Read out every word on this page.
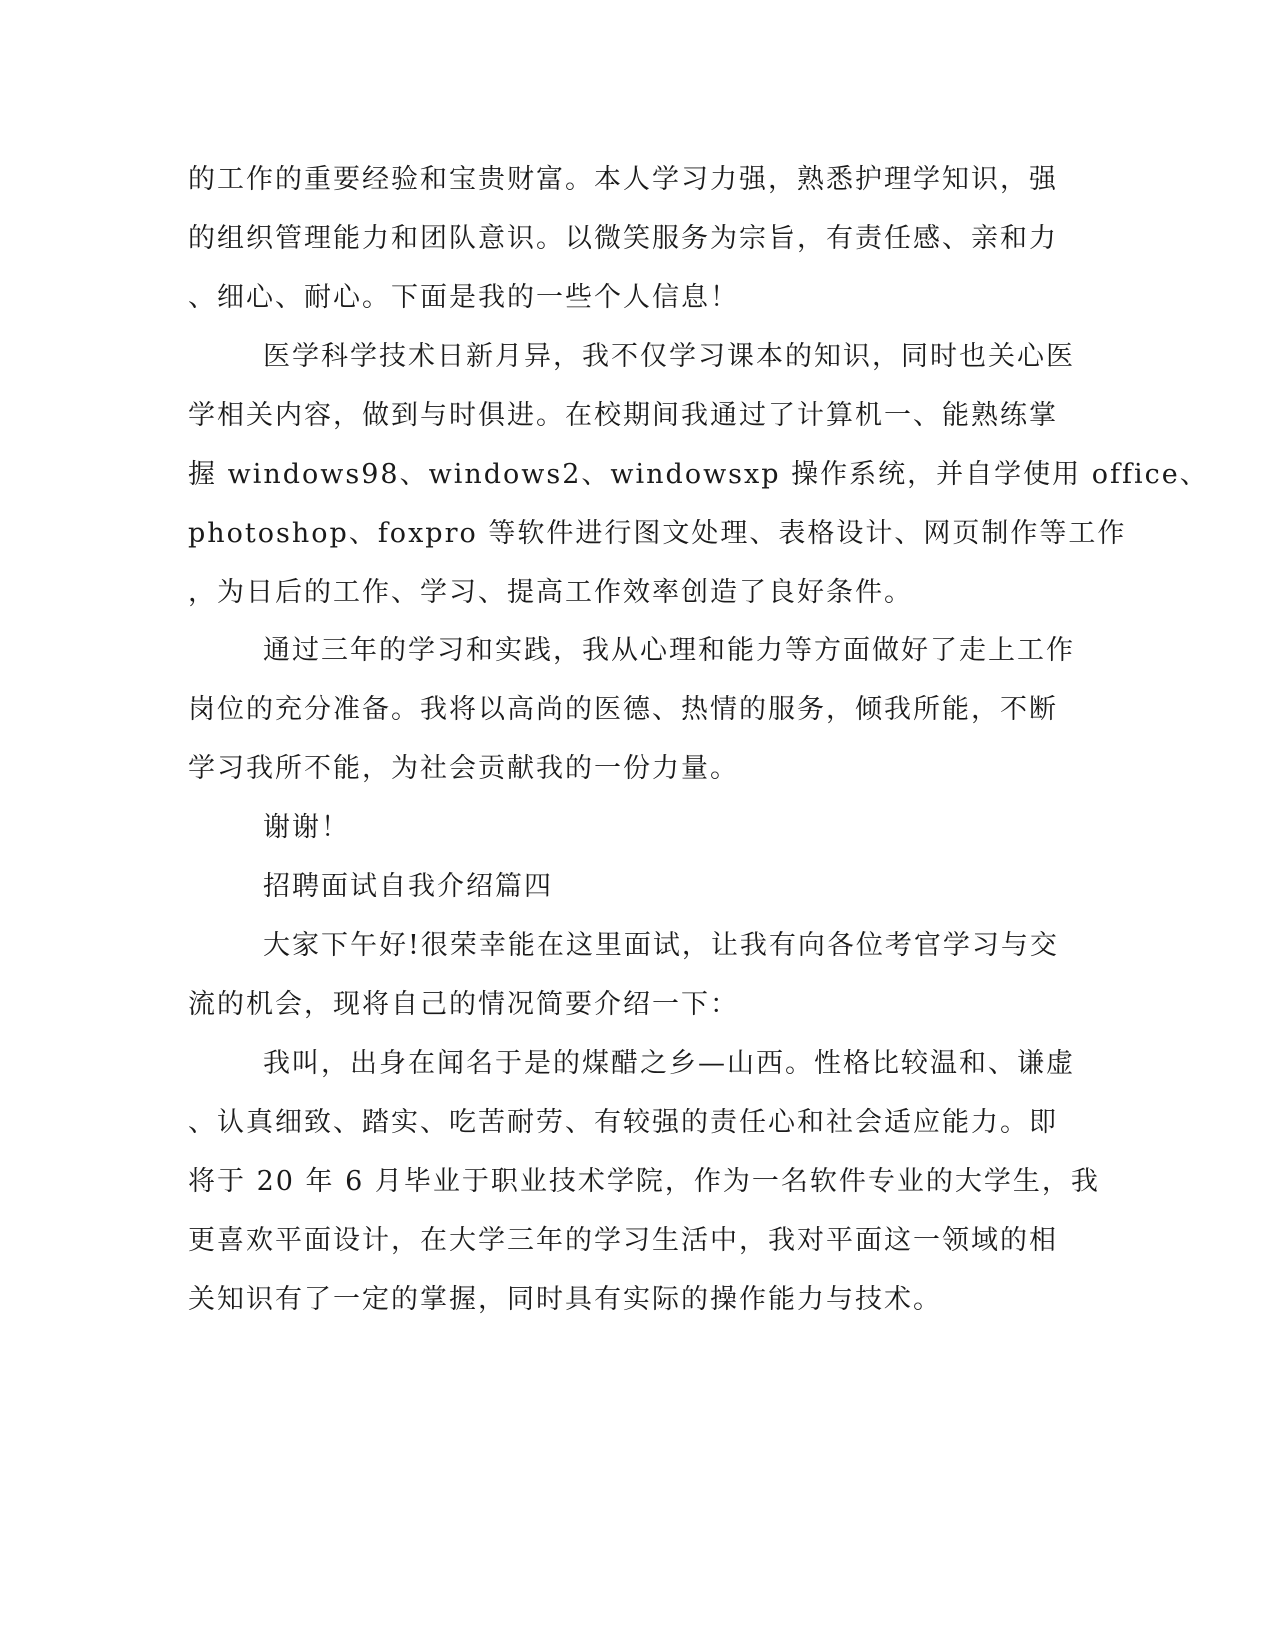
的工作的重要经验和宝贵财富。本人学习力强，熟悉护理学知识，强
的组织管理能力和团队意识。以微笑服务为宗旨，有责任感、亲和力
、细心、耐心。下面是我的一些个人信息！
医学科学技术日新月异，我不仅学习课本的知识，同时也关心医
学相关内容，做到与时俱进。在校期间我通过了计算机一、能熟练掌
握 windows98、windows2、windowsxp 操作系统，并自学使用 office、
photoshop、foxpro 等软件进行图文处理、表格设计、网页制作等工作
，为日后的工作、学习、提高工作效率创造了良好条件。
通过三年的学习和实践，我从心理和能力等方面做好了走上工作
岗位的充分准备。我将以高尚的医德、热情的服务，倾我所能，不断
学习我所不能，为社会贡献我的一份力量。
谢谢！
招聘面试自我介绍篇四
大家下午好!很荣幸能在这里面试，让我有向各位考官学习与交
流的机会，现将自己的情况简要介绍一下：
我叫，出身在闻名于是的煤醋之乡—山西。性格比较温和、谦虚
、认真细致、踏实、吃苦耐劳、有较强的责任心和社会适应能力。即
将于 20 年 6 月毕业于职业技术学院，作为一名软件专业的大学生，我
更喜欢平面设计，在大学三年的学习生活中，我对平面这一领域的相
关知识有了一定的掌握，同时具有实际的操作能力与技术。
